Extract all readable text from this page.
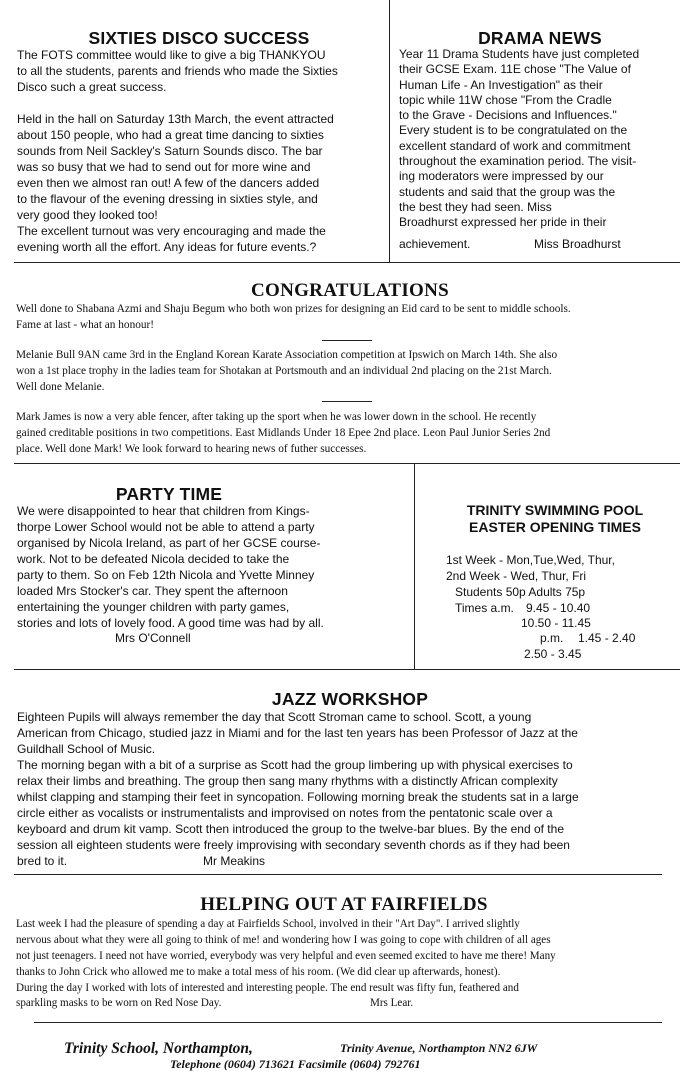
SIXTIES DISCO SUCCESS
The FOTS committee would like to give a big THANKYOU
to all the students, parents and friends who made the Sixties
Disco such a great success.

Held in the hall on Saturday 13th March, the event attracted
about 150 people, who had a great time dancing to sixties
sounds from Neil Sackley's Saturn Sounds disco. The bar
was so busy that we had to send out for more wine and
even then we almost ran out! A few of the dancers added
to the flavour of the evening dressing in sixties style, and
very good they looked too!
The excellent turnout was very encouraging and made the
evening worth all the effort. Any ideas for future events.?
DRAMA NEWS
Year 11 Drama Students have just completed
their GCSE Exam. 11E chose "The Value of
Human Life - An Investigation" as their
topic while 11W chose "From the Cradle
to the Grave - Decisions and Influences."
Every student is to be congratulated on the
excellent standard of work and commitment
throughout the examination period. The visit-
ing moderators were impressed by our
students and said that the group was the
the best they had seen. Miss
Broadhurst expressed her pride in their
achievement.	Miss Broadhurst
CONGRATULATIONS
Well done to Shabana Azmi and Shaju Begum who both won prizes for designing an Eid card to be sent to middle schools.
Fame at last - what an honour!
Melanie Bull 9AN came 3rd in the England Korean Karate Association competition at Ipswich on March 14th. She also
won a 1st place trophy in the ladies team for Shotakan at Portsmouth and an individual 2nd placing on the 21st March.
Well done Melanie.
Mark James is now a very able fencer, after taking up the sport when he was lower down in the school. He recently
gained creditable positions in two competitions. East Midlands Under 18 Epee 2nd place. Leon Paul Junior Series 2nd
place. Well done Mark! We look forward to hearing news of futher successes.
PARTY TIME
We were disappointed to hear that children from Kings-
thorpe Lower School would not be able to attend a party
organised by Nicola Ireland, as part of her GCSE course-
work. Not to be defeated Nicola decided to take the
party to them. So on Feb 12th Nicola and Yvette Minney
loaded Mrs Stocker's car. They spent the afternoon
entertaining the younger children with party games,
stories and lots of lovely food. A good time was had by all.
Mrs O'Connell
TRINITY SWIMMING POOL
EASTER OPENING TIMES
1st Week - Mon,Tue,Wed, Thur,
2nd Week - Wed, Thur, Fri
Students 50p Adults 75p
Times a.m. 9.45 - 10.40
10.50 - 11.45
p.m. 1.45 - 2.40
2.50 - 3.45
JAZZ WORKSHOP
Eighteen Pupils will always remember the day that Scott Stroman came to school. Scott, a young
American from Chicago, studied jazz in Miami and for the last ten years has been Professor of Jazz at the
Guildhall School of Music.
The morning began with a bit of a surprise as Scott had the group limbering up with physical exercises to
relax their limbs and breathing. The group then sang many rhythms with a distinctly African complexity
whilst clapping and stamping their feet in syncopation. Following morning break the students sat in a large
circle either as vocalists or instrumentalists and improvised on notes from the pentatonic scale over a
keyboard and drum kit vamp. Scott then introduced the group to the twelve-bar blues. By the end of the
session all eighteen students were freely improvising with secondary seventh chords as if they had been
bred to it.	Mr Meakins
HELPING OUT AT FAIRFIELDS
Last week I had the pleasure of spending a day at Fairfields School, involved in their "Art Day". I arrived slightly
nervous about what they were all going to think of me! and wondering how I was going to cope with children of all ages
not just teenagers. I need not have worried, everybody was very helpful and even seemed excited to have me there! Many
thanks to John Crick who allowed me to make a total mess of his room. (We did clear up afterwards, honest).
During the day I worked with lots of interested and interesting people. The end result was fifty fun, feathered and
sparkling masks to be worn on Red Nose Day.	Mrs Lear.
Trinity School, Northampton,	Trinity Avenue, Northampton NN2 6JW
Telephone (0604) 713621 Facsimile (0604) 792761
